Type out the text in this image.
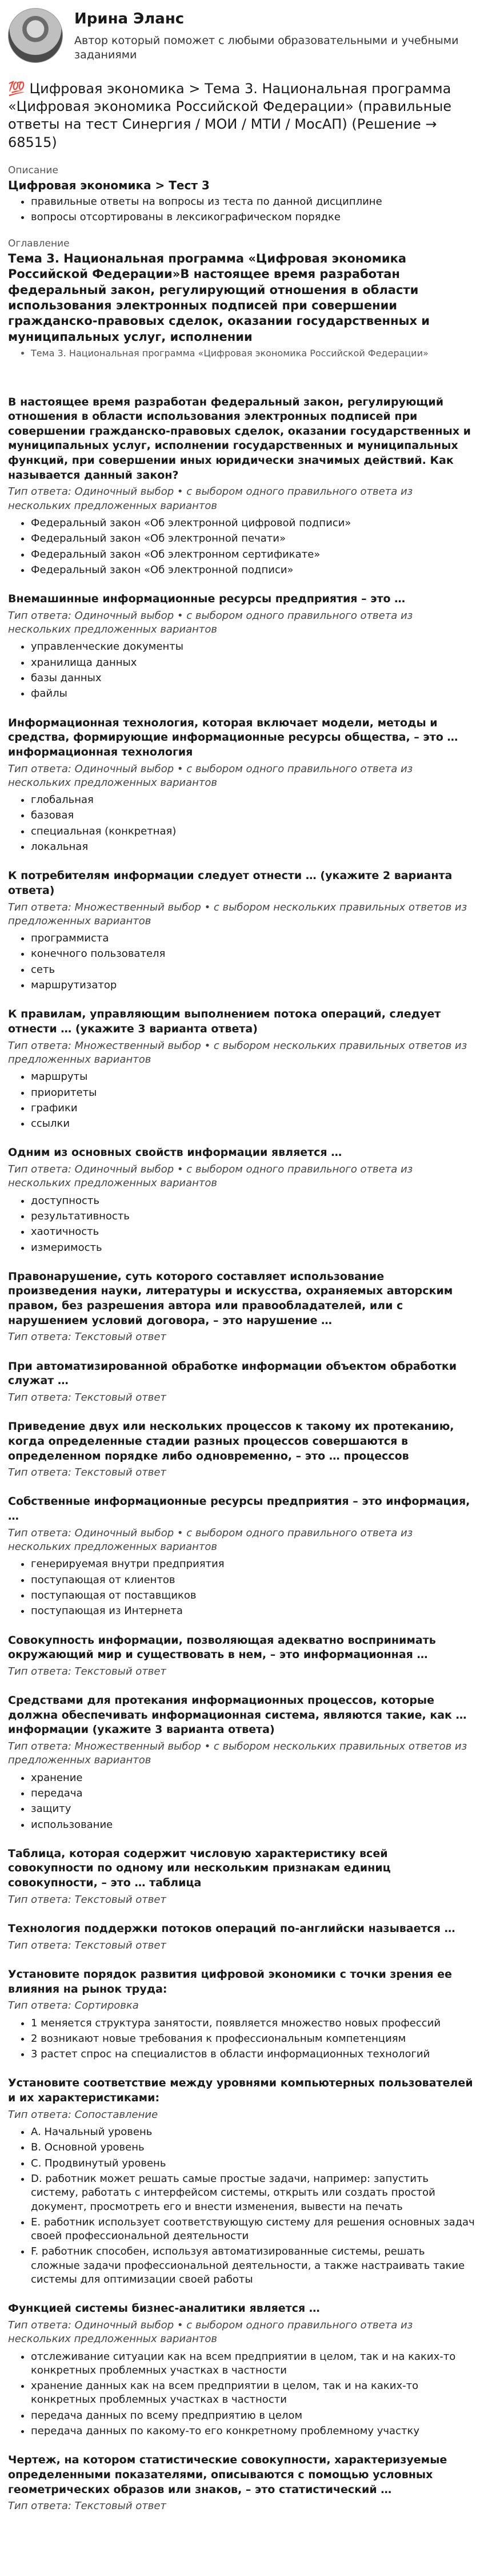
Ирина Эланс
Автор который поможет с любыми образовательными и учебными заданиями
💯 Цифровая экономика > Тема 3. Национальная программа «Цифровая экономика Российской Федерации» (правильные ответы на тест Синергия / МОИ / МТИ / МосАП) (Решение → 68515)
Описание
Цифровая экономика > Тест 3
• правильные ответы на вопросы из теста по данной дисциплине
• вопросы отсортированы в лексикографическом порядке
Оглавление
Тема 3. Национальная программа «Цифровая экономика Российской Федерации»В настоящее время разработан федеральный закон, регулирующий отношения в области использования электронных подписей при совершении гражданско-правовых сделок, оказании государственных и муниципальных услуг, исполнении
• Тема 3. Национальная программа «Цифровая экономика Российской Федерации»
В настоящее время разработан федеральный закон, регулирующий отношения в области использования электронных подписей при совершении гражданско-правовых сделок, оказании государственных и муниципальных услуг, исполнении государственных и муниципальных функций, при совершении иных юридически значимых действий. Как называется данный закон?
Тип ответа: Одиночный выбор • с выбором одного правильного ответа из нескольких предложенных вариантов
• Федеральный закон «Об электронной цифровой подписи»
• Федеральный закон «Об электронной печати»
• Федеральный закон «Об электронном сертификате»
• Федеральный закон «Об электронной подписи»
Внемашинные информационные ресурсы предприятия – это …
Тип ответа: Одиночный выбор • с выбором одного правильного ответа из нескольких предложенных вариантов
• управленческие документы
• хранилища данных
• базы данных
• файлы
Информационная технология, которая включает модели, методы и средства, формирующие информационные ресурсы общества, – это … информационная технология
Тип ответа: Одиночный выбор • с выбором одного правильного ответа из нескольких предложенных вариантов
• глобальная
• базовая
• специальная (конкретная)
• локальная
К потребителям информации следует отнести … (укажите 2 варианта ответа)
Тип ответа: Множественный выбор • с выбором нескольких правильных ответов из предложенных вариантов
• программиста
• конечного пользователя
• сеть
• маршрутизатор
К правилам, управляющим выполнением потока операций, следует отнести … (укажите 3 варианта ответа)
Тип ответа: Множественный выбор • с выбором нескольких правильных ответов из предложенных вариантов
• маршруты
• приоритеты
• графики
• ссылки
Одним из основных свойств информации является …
Тип ответа: Одиночный выбор • с выбором одного правильного ответа из нескольких предложенных вариантов
• доступность
• результативность
• хаотичность
• измеримость
Правонарушение, суть которого составляет использование произведения науки, литературы и искусства, охраняемых авторским правом, без разрешения автора или правообладателей, или с нарушением условий договора, – это нарушение …
Тип ответа: Текстовый ответ
При автоматизированной обработке информации объектом обработки служат …
Тип ответа: Текстовый ответ
Приведение двух или нескольких процессов к такому их протеканию, когда определенные стадии разных процессов совершаются в определенном порядке либо одновременно, – это … процессов
Тип ответа: Текстовый ответ
Собственные информационные ресурсы предприятия – это информация, …
Тип ответа: Одиночный выбор • с выбором одного правильного ответа из нескольких предложенных вариантов
• генерируемая внутри предприятия
• поступающая от клиентов
• поступающая от поставщиков
• поступающая из Интернета
Совокупность информации, позволяющая адекватно воспринимать окружающий мир и существовать в нем, – это информационная …
Тип ответа: Текстовый ответ
Средствами для протекания информационных процессов, которые должна обеспечивать информационная система, являются такие, как … информации (укажите 3 варианта ответа)
Тип ответа: Множественный выбор • с выбором нескольких правильных ответов из предложенных вариантов
• хранение
• передача
• защиту
• использование
Таблица, которая содержит числовую характеристику всей совокупности по одному или нескольким признакам единиц совокупности, – это … таблица
Тип ответа: Текстовый ответ
Технология поддержки потоков операций по-английски называется …
Тип ответа: Текстовый ответ
Установите порядок развития цифровой экономики с точки зрения ее влияния на рынок труда:
Тип ответа: Сортировка
• 1 меняется структура занятости, появляется множество новых профессий
• 2 возникают новые требования к профессиональным компетенциям
• 3 растет спрос на специалистов в области информационных технологий
Установите соответствие между уровнями компьютерных пользователей и их характеристиками:
Тип ответа: Сопоставление
• A. Начальный уровень
• B. Основной уровень
• C. Продвинутый уровень
• D. работник может решать самые простые задачи, например: запустить систему, работать с интерфейсом системы, открыть или создать простой документ, просмотреть его и внести изменения, вывести на печать
• E. работник использует соответствующую систему для решения основных задач своей профессиональной деятельности
• F. работник способен, используя автоматизированные системы, решать сложные задачи профессиональной деятельности, а также настраивать такие системы для оптимизации своей работы
Функцией системы бизнес-аналитики является …
Тип ответа: Одиночный выбор • с выбором одного правильного ответа из нескольких предложенных вариантов
• отслеживание ситуации как на всем предприятии в целом, так и на каких-то конкретных проблемных участках в частности
• хранение данных как на всем предприятии в целом, так и на каких-то конкретных проблемных участках в частности
• передача данных по всему предприятию в целом
• передача данных по какому-то его конкретному проблемному участку
Чертеж, на котором статистические совокупности, характеризуемые определенными показателями, описываются с помощью условных геометрических образов или знаков, – это статистический …
Тип ответа: Текстовый ответ
